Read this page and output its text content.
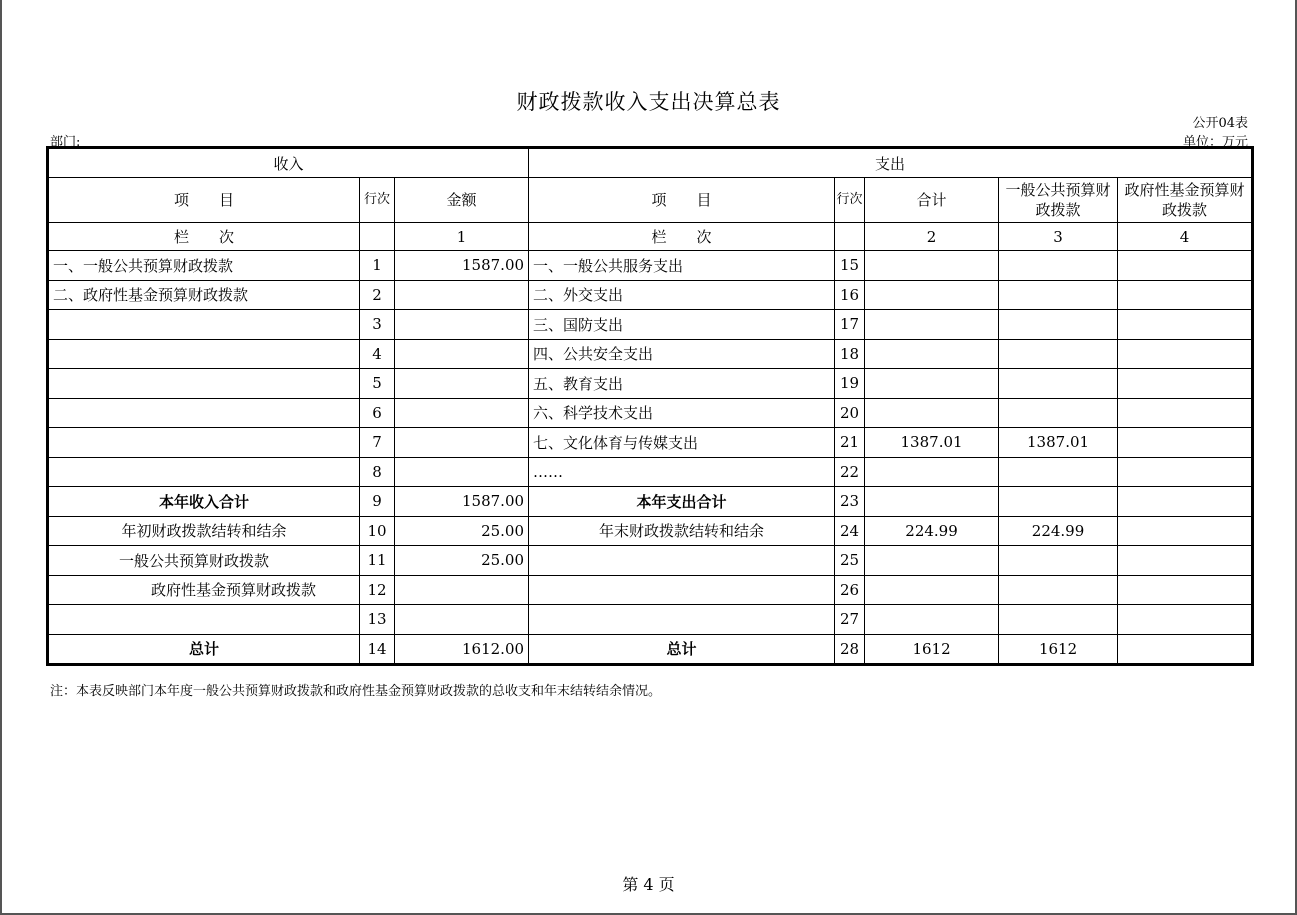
财政拨款收入支出决算总表
公开04表
部门:	单位：万元
收入			支出				
项　　目	行次	金额	项　　目	行次	合计	一般公共预算财政拨款	政府性基金预算财政拨款
栏　　次		1	栏　　次		2	3	4
一、一般公共预算财政拨款	1	1587.00	一、一般公共服务支出	15			
二、政府性基金预算财政拨款	2		二、外交支出	16			
	3		三、国防支出	17			
	4		四、公共安全支出	18			
	5		五、教育支出	19			
	6		六、科学技术支出	20			
	7		七、文化体育与传媒支出	21	1387.01	1387.01	
	8		……	22			
本年收入合计	9	1587.00	本年支出合计	23			
年初财政拨款结转和结余	10	25.00	年末财政拨款结转和结余	24	224.99	224.99	
一般公共预算财政拨款	11	25.00		25			
政府性基金预算财政拨款	12			26			
	13			27			
总计	14	1612.00	总计	28	1612	1612	
注：本表反映部门本年度一般公共预算财政拨款和政府性基金预算财政拨款的总收支和年末结转结余情况。
第 4 页
